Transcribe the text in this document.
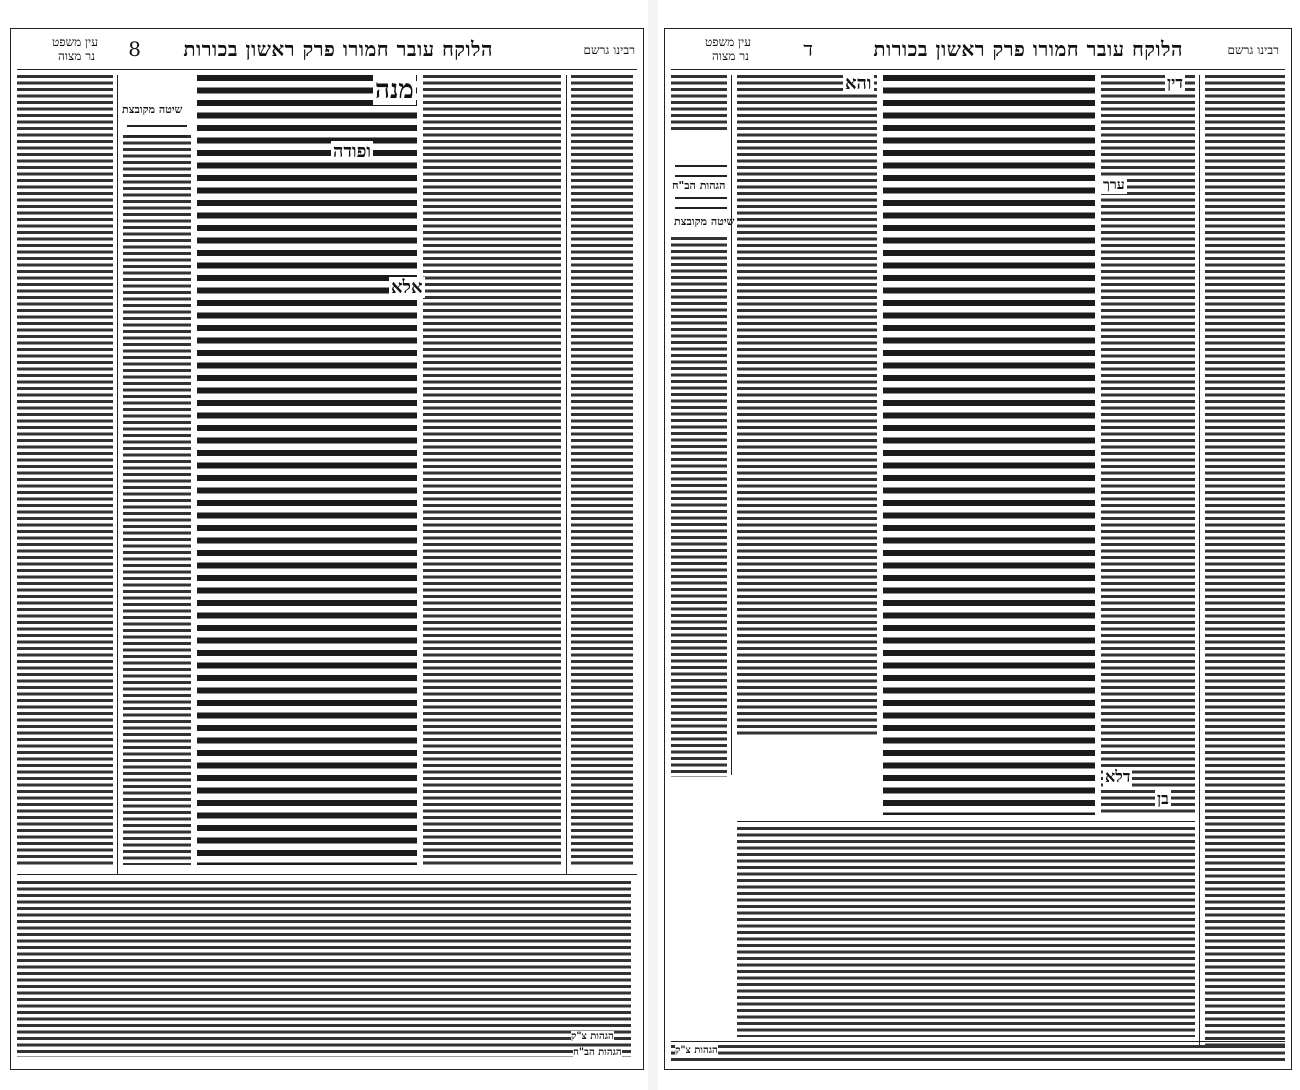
רבינו גרשם
הלוקח עובר חמורו פרק ראשון בכורות
8
עין משפט
נר מצוה
מנה
ופודה
אלא
שיטה מקובצת
הגהות צ"ק
הגהות הב"ח
רבינו גרשם
הלוקח עובר חמורו פרק ראשון בכורות
ד
עין משפט
נר מצוה
הגהות הב"ח
שיטה מקובצת
והא	דין
ערך
דלא
בן
הגהות צ"ק
